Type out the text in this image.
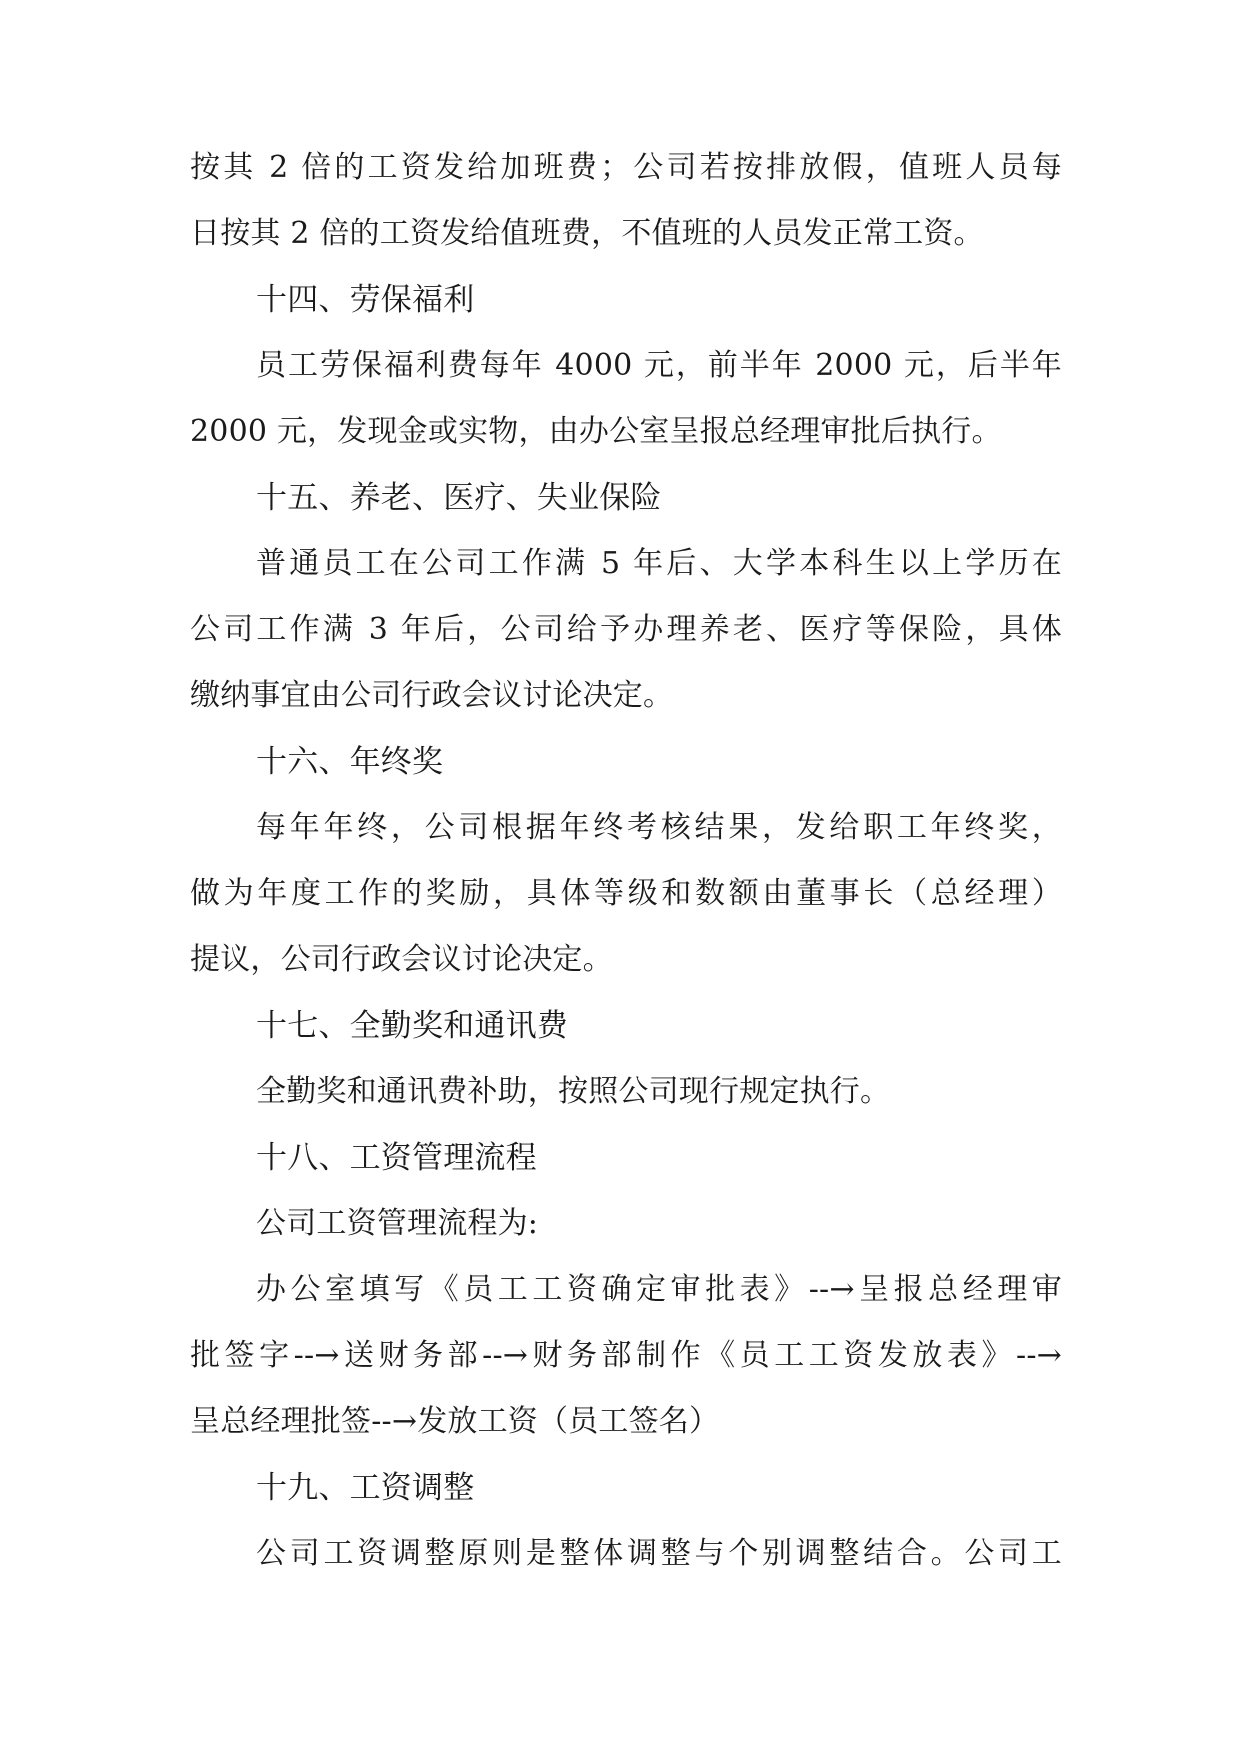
按其 2 倍的工资发给加班费；公司若按排放假，值班人员每
日按其 2 倍的工资发给值班费，不值班的人员发正常工资。
十四、劳保福利
员工劳保福利费每年 4000 元，前半年 2000 元，后半年
2000 元，发现金或实物，由办公室呈报总经理审批后执行。
十五、养老、医疗、失业保险
普通员工在公司工作满 5 年后、大学本科生以上学历在
公司工作满 3 年后，公司给予办理养老、医疗等保险，具体
缴纳事宜由公司行政会议讨论决定。
十六、年终奖
每年年终，公司根据年终考核结果，发给职工年终奖，
做为年度工作的奖励，具体等级和数额由董事长（总经理）
提议，公司行政会议讨论决定。
十七、全勤奖和通讯费
全勤奖和通讯费补助，按照公司现行规定执行。
十八、工资管理流程
公司工资管理流程为:
办公室填写《员工工资确定审批表》--→呈报总经理审
批签字--→送财务部--→财务部制作《员工工资发放表》--→
呈总经理批签--→发放工资（员工签名）
十九、工资调整
公司工资调整原则是整体调整与个别调整结合。公司工
